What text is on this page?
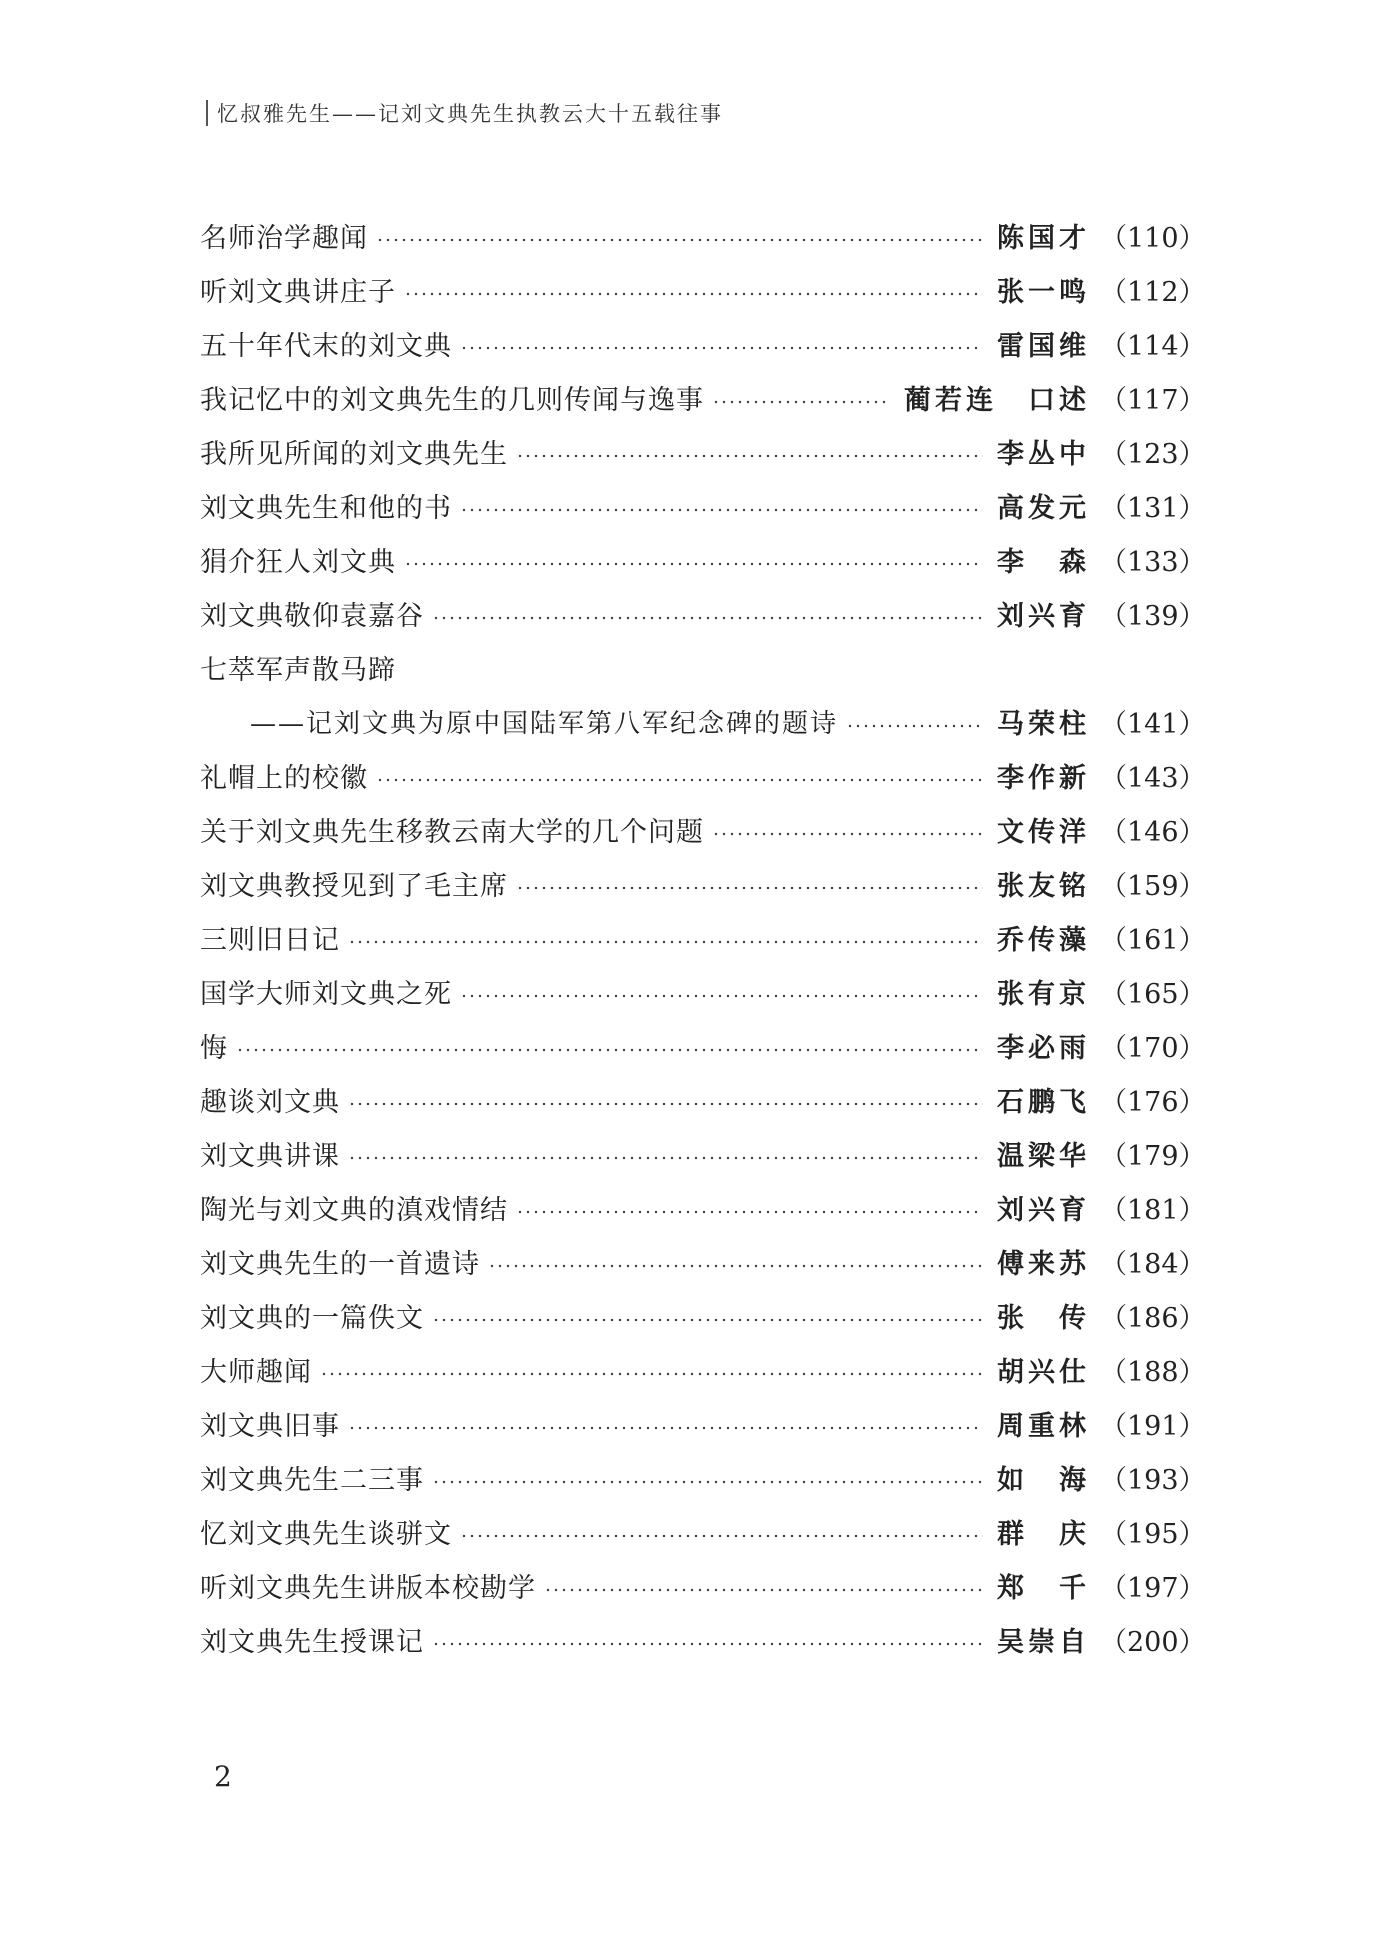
忆叔雅先生——记刘文典先生执教云大十五载往事
名师治学趣闻	陈国才 （110）
听刘文典讲庄子	张一鸣 （112）
五十年代末的刘文典	雷国维 （114）
我记忆中的刘文典先生的几则传闻与逸事	蔺若连　口述 （117）
我所见所闻的刘文典先生	李丛中 （123）
刘文典先生和他的书	高发元 （131）
狷介狂人刘文典	李　森 （133）
刘文典敬仰袁嘉谷	刘兴育 （139）
七萃军声散马蹄
——记刘文典为原中国陆军第八军纪念碑的题诗	马荣柱 （141）
礼帽上的校徽	李作新 （143）
关于刘文典先生移教云南大学的几个问题	文传洋 （146）
刘文典教授见到了毛主席	张友铭 （159）
三则旧日记	乔传藻 （161）
国学大师刘文典之死	张有京 （165）
悔	李必雨 （170）
趣谈刘文典	石鹏飞 （176）
刘文典讲课	温梁华 （179）
陶光与刘文典的滇戏情结	刘兴育 （181）
刘文典先生的一首遗诗	傅来苏 （184）
刘文典的一篇佚文	张　传 （186）
大师趣闻	胡兴仕 （188）
刘文典旧事	周重林 （191）
刘文典先生二三事	如　海 （193）
忆刘文典先生谈骈文	群　庆 （195）
听刘文典先生讲版本校勘学	郑　千 （197）
刘文典先生授课记	吴崇自 （200）
2
